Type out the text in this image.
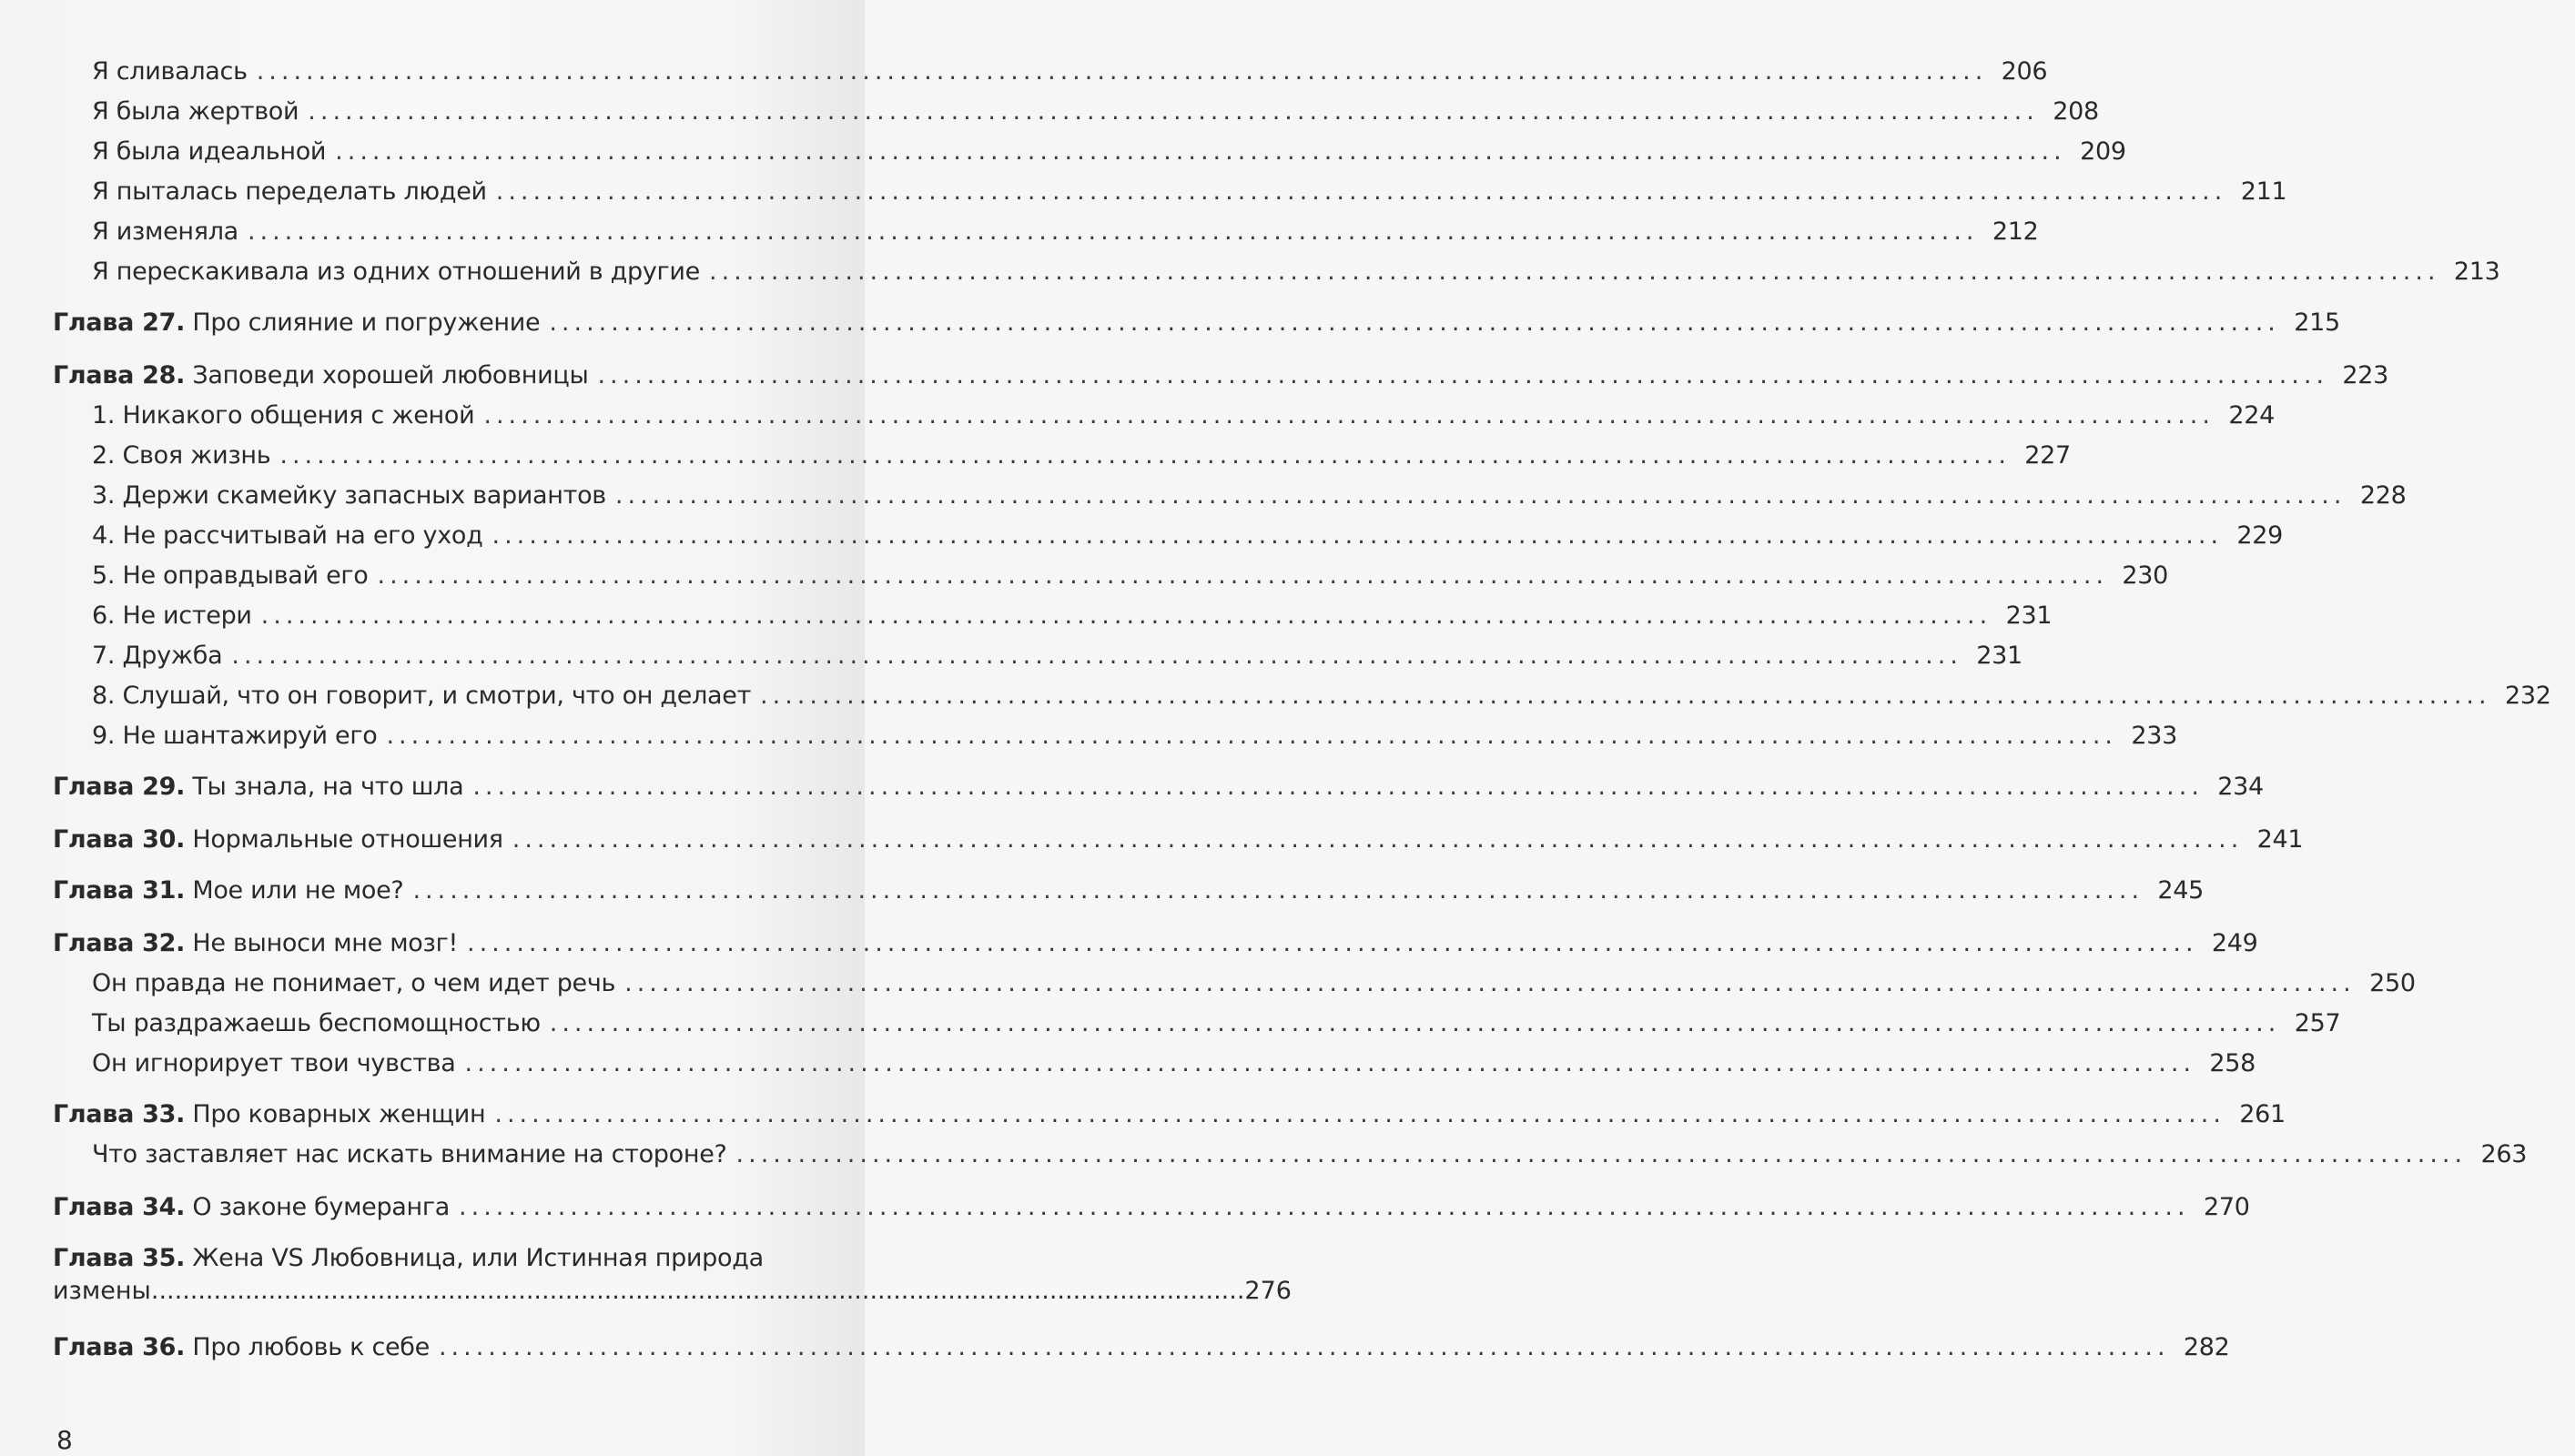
Я сливалась ............................................................................................................................................ 206
Я была жертвой ............................................................................................................................................ 208
Я была идеальной ............................................................................................................................................ 209
Я пыталась переделать людей ............................................................................................................................................ 211
Я изменяла ............................................................................................................................................ 212
Я перескакивала из одних отношений в другие ............................................................................................................................................ 213
Глава 27. Про слияние и погружение ............................................................................................................................................ 215
Глава 28. Заповеди хорошей любовницы ............................................................................................................................................ 223
1. Никакого общения с женой ............................................................................................................................................ 224
2. Своя жизнь ............................................................................................................................................ 227
3. Держи скамейку запасных вариантов ............................................................................................................................................ 228
4. Не рассчитывай на его уход ............................................................................................................................................ 229
5. Не оправдывай его ............................................................................................................................................ 230
6. Не истери ............................................................................................................................................ 231
7. Дружба ............................................................................................................................................ 231
8. Слушай, что он говорит, и смотри, что он делает ............................................................................................................................................ 232
9. Не шантажируй его ............................................................................................................................................ 233
Глава 29. Ты знала, на что шла ............................................................................................................................................ 234
Глава 30. Нормальные отношения ............................................................................................................................................ 241
Глава 31. Мое или не мое? ............................................................................................................................................ 245
Глава 32. Не выноси мне мозг! ............................................................................................................................................ 249
Он правда не понимает, о чем идет речь ............................................................................................................................................ 250
Ты раздражаешь беспомощностью ............................................................................................................................................ 257
Он игнорирует твои чувства ............................................................................................................................................ 258
Глава 33. Про коварных женщин ............................................................................................................................................ 261
Что заставляет нас искать внимание на стороне? ............................................................................................................................................ 263
Глава 34. О законе бумеранга ............................................................................................................................................ 270
Глава 35. Жена VS Любовница, или Истинная природа
измены ............................................................................................................................................ 276
Глава 36. Про любовь к себе ............................................................................................................................................ 282
8
